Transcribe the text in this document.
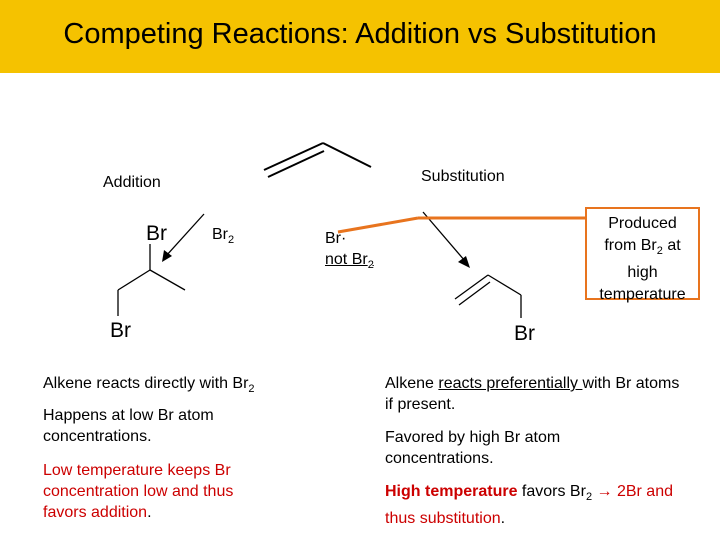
Competing Reactions: Addition vs Substitution
Addition	Substitution
Br	$Br_2$
Br	Br
Br·
not $Br_2$
Produced
from $Br_2$ at
high
temperature
Alkene reacts directly with $Br_2$
Happens at low Br atom concentrations.
Low temperature keeps Br concentration low and thus favors addition.
Alkene reacts preferentially with Br atoms if present.
Favored by high Br atom concentrations.
High temperature favors $Br_2 \to 2Br$ and thus substitution.
